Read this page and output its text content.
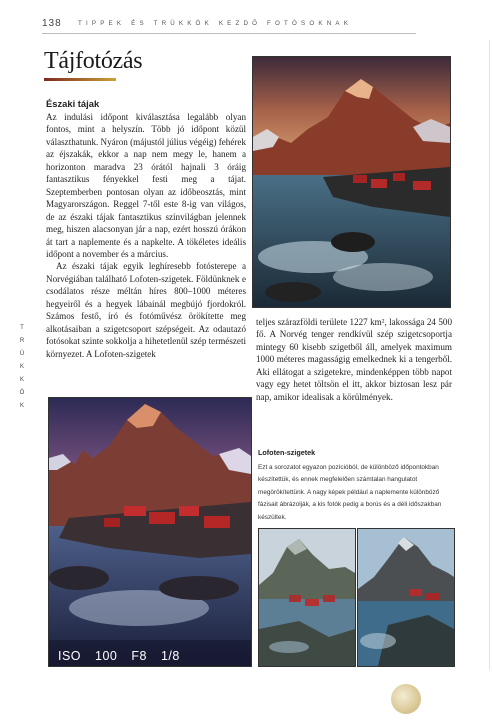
138	TIPPEK ÉS TRÜKKÖK KEZDŐ FOTÓSOKNAK
T
R
Ü
K
K
Ö
K
Tájfotózás
Északi tájak

Az indulási időpont kiválasztása legalább olyan fontos, mint a helyszín. Több jó időpont közül választhatunk. Nyáron (májustól július végéig) fehérek az éjszakák, ekkor a nap nem megy le, hanem a horizonton maradva 23 órától hajnali 3 óráig fantasztikus fényekkel festi meg a tájat. Szeptemberben pontosan olyan az időbeosztás, mint Magyarországon. Reggel 7-től este 8-ig van világos, de az északi tájak fantasztikus színvilágban jelennek meg, hiszen alacsonyan jár a nap, ezért hosszú órákon át tart a naplemente és a napkelte. A tökéletes ideális időpont a november és a március.

Az északi tájak egyik leghíresebb fotósterepe a Norvégiában található Lofoten-szigetek. Földünknek e csodálatos része méltán híres 800–1000 méteres hegyeiről és a hegyek lábainál megbújó fjordokról. Számos festő, író és fotóművész örökítette meg alkotásaiban a szigetcsoport szépségeit. Az odautazó fotósokat szinte sokkolja a hihetetlenül szép természeti környezet. A Lofoten-szigetek

teljes szárazföldi területe 1227 km², lakossága 24 500 fő. A Norvég tenger rendkívül szép szigetcsoportja mintegy 60 kisebb szigetből áll, amelyek maximum 1000 méteres magasságig emelkednek ki a tengerből. Aki ellátogat a szigetekre, mindenképpen több napot vagy egy hetet töltsön el itt, akkor biztosan lesz pár nap, amikor idealisak a körülmények.

ISO 100 F8 1/8
Lofoten-szigetek
Ezt a sorozatot egyazon pozícióból, de különböző időpontokban készítettük, és ennek megfelelően számtalan hangulatot megörökítettünk. A nagy képek például a naplemente különböző fázisait ábrázolják, a kis fotók pedig a borús és a déli időszakban készültek.
